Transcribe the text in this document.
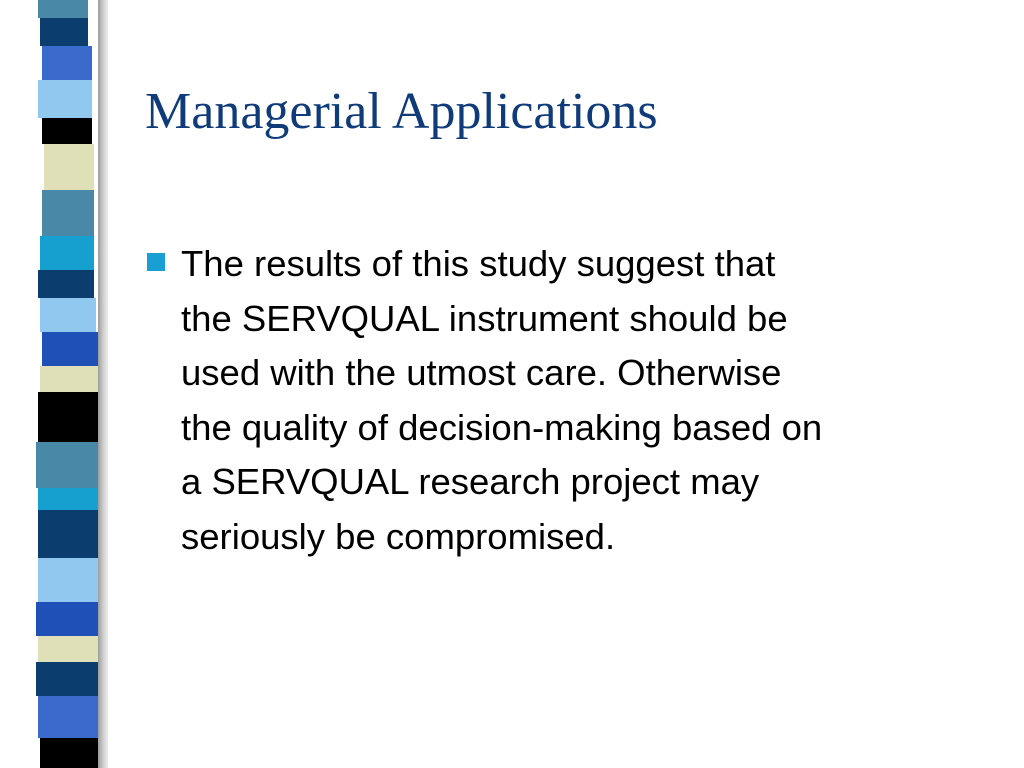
Managerial Applications
The results of this study suggest that
the SERVQUAL instrument should be
used with the utmost care. Otherwise
the quality of decision-making based on
a SERVQUAL research project may
seriously be compromised.
